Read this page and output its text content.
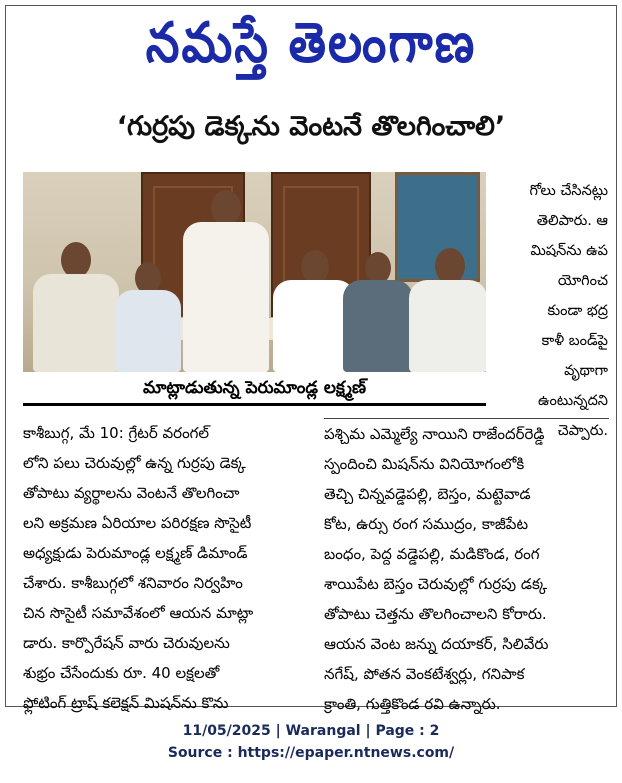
నమస్తే తెలంగాణ
‘గుర్రపు డెక్కను వెంటనే తొలగించాలి’
మాట్లాడుతున్న పెరుమాండ్ల లక్ష్మణ్
గోలు చేసినట్లు
తెలిపారు. ఆ
మిషన్‌ను ఉప
యోగించ
కుండా భద్ర
కాళీ బండ్‌పై
వృథాగా
ఉంటున్నదని
చెప్పారు.
కాశీబుగ్గ, మే 10: గ్రేటర్ వరంగల్
లోని పలు చెరువుల్లో ఉన్న గుర్రపు డెక్క
తోపాటు వ్యర్థాలను వెంటనే తొలగించా
లని అక్రమణ ఏరియాల పరిరక్షణ సొసైటీ
అధ్యక్షుడు పెరుమాండ్ల లక్ష్మణ్ డిమాండ్
చేశారు. కాశీబుగ్గలో శనివారం నిర్వహిం
చిన సొసైటీ సమావేశంలో ఆయన మాట్లా
డారు. కార్పొరేషన్ వారు చెరువులను
శుభ్రం చేసేందుకు రూ. 40 లక్షలతో
ఫ్లోటింగ్ ట్రాష్ కలెక్షన్ మిషన్‌ను కొను
పశ్చిమ ఎమ్మెల్యే నాయిని రాజేందర్‌రెడ్డి
స్పందించి మిషన్‌ను వినియోగంలోకి
తెచ్చి చిన్నవడ్డెపల్లి, బెస్తం, మట్టెవాడ
కోట, ఉర్సు రంగ సముద్రం, కాజీపేట
బంధం, పెద్ద వడ్డెపల్లి, మడికొండ, రంగ
శాయిపేట బెస్తం చెరువుల్లో గుర్రపు డక్క
తోపాటు చెత్తను తొలగించాలని కోరారు.
ఆయన వెంట జన్ను దయాకర్, సిలివేరు
నగేష్, పోతన వెంకటేశ్వర్లు, గనిపాక
క్రాంతి, గుత్తికొండ రవి ఉన్నారు.
11/05/2025 | Warangal | Page : 2
Source : https://epaper.ntnews.com/
